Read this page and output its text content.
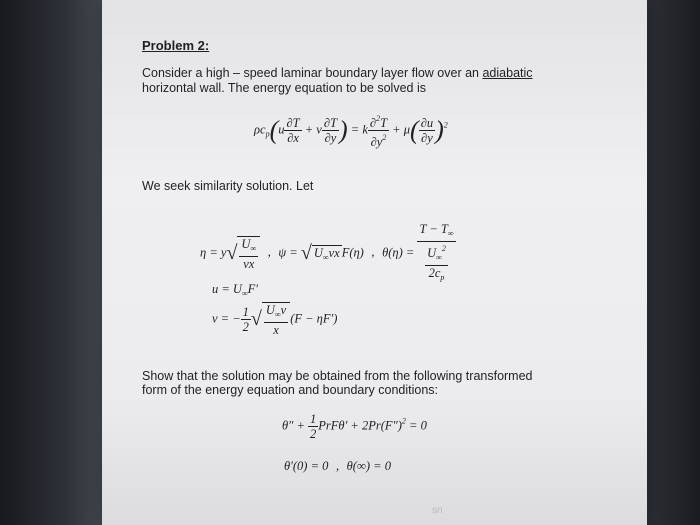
Problem 2:
Consider a high – speed laminar boundary layer flow over an adiabatic
horizontal wall. The energy equation to be solved is
$\rho c_p(u \frac{\partial T}{\partial x} + v \frac{\partial T}{\partial y}$ ) = k $\frac{\partial^2T}{\partial y^2} + \mu( \frac{\partial u}{\partial y} )^2$
We seek similarity solution. Let
$\eta = y√ \frac{U_\infty}{\nu x}$ , ψ = √ $U_\infty\nu x$ F(η) , $\theta(\eta) = \frac{T - T_\infty}{\frac{U_\infty^2}{2c_p}}$
$u = U_\infty F'$
v = − $\frac{1}{2}$ √ $\frac{U_\infty\nu}{x} (F - \eta F')$
Show that the solution may be obtained from the following transformed
form of the energy equation and boundary conditions:
$\theta'' + \frac{1}{2} PrF\theta' + 2Pr(F'')^2 = 0$
θ′(0) = 0 , θ(∞) = 0
sn
